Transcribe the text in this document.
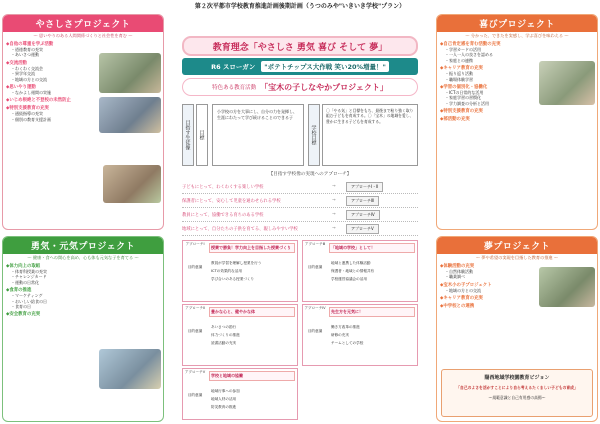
第２次平都市学校教育推進計画後期計画（うつのみや"いきいき学校"プラン）
やさしさプロジェクト
〜 思いやりのある人間関係づくりと社会性を育む 〜
◆自他の尊重を学ぶ活動
・道徳教育の充実
・あいさつ運動
◆交流活動
・わくわく交流会
・異学年交流
・地域の方との交流
◆思いやり運動
・なかよし週間の実施
◆いじめ根絶と不登校の未然防止
◆特別支援教育の充実
・通級指導の充実
・個別の教育支援計画
勇気・元気プロジェクト
〜 健康・食への関心を高め、心も体も元気な子を育てる 〜
◆体力向上の取組
・体育科授業の充実
・チャレンジカード
・運動の日常化
◆食育の推進
・マーケティング
・おいしい給食の日
・食育の日
◆安全教育の充実
喜びプロジェクト
〜 分かった、できたを実感し、学ぶ喜びを味わえる 〜
◆自己肯定感を育む活動の充実
・学習カードの活用
・一人一人の良さを認める
・家庭との連携
◆キャリア教育の充実
・振り返り活動
・職場体験学習
◆学習の個別化・協働化
・ICTの日常的な活用
・家庭学習の習慣化
・学力調査の分析と活用
◆特別支援教育の充実
◆部活動の充実
夢プロジェクト
〜 夢や希望の実現を目指した教育の推進 〜
◆体験活動の充実
・自然体験活動
・職業調べ
◆宝木小の子プロジェクト
・地域の方との交流
◆キャリア教育の充実
◆中学校との連携
陽西地域学校園教育ビジョン
「自己のよさを活かすことにより自ら考えるたくましい子どもの育成」
～規範意識と自己有用感の高揚～
教育理念「やさしさ 勇気 喜び そして 夢」
R6 スローガン	"ポテトチップス大作戦 笑い20%増量！"
特色ある教育活動 「宝木の子しなやかプロジェクト」
目指す生徒像 目標
小学校の方を大事にし、自分の力を発揮し、生涯にわたって学び続けることのできる子
学校目標
〇「やる気」と目標をもち、最後まで粘り強く取り組む子どもを育成する。〇「宝木」の地域を愛し、豊かに生きる子どもを育成する。
【目指す学校像の実現へのアプローチ】
子どもにとって、わくわくする楽しい学校	→	アプローチⅠ・Ⅱ
保護者にとって、安心して児童を通わせられる学校	→	アプローチⅢ
教員にとって、協働できる育ちのある学校	→	アプローチⅣ
地域にとって、自分たちの子供を育てる、親しみやすい学校	→	アプローチⅤ
アプローチⅠ
授業で勝負！学力向上を目指した授業づくり
目的意識
教員が学習を理解し授業を行う
ICTの効果的な活用
学び合いのある授業づくり
アプローチⅡ
豊かな心と、健やかな体
目的意識
あいさつの励行
体力づくりの推進
読書活動の充実
アプローチⅢ
「地域の学校」として！
目的意識
地域と連携した体験活動
保護者・地域との情報共有
学校運営協議会の活用
アプローチⅣ
先生方を元気に！
目的意識
働き方改革の推進
研修の充実
チームとしての学校
アプローチⅤ
学校と地域の協働
目的意識
地域行事への参加
地域人材の活用
防災教育の推進
